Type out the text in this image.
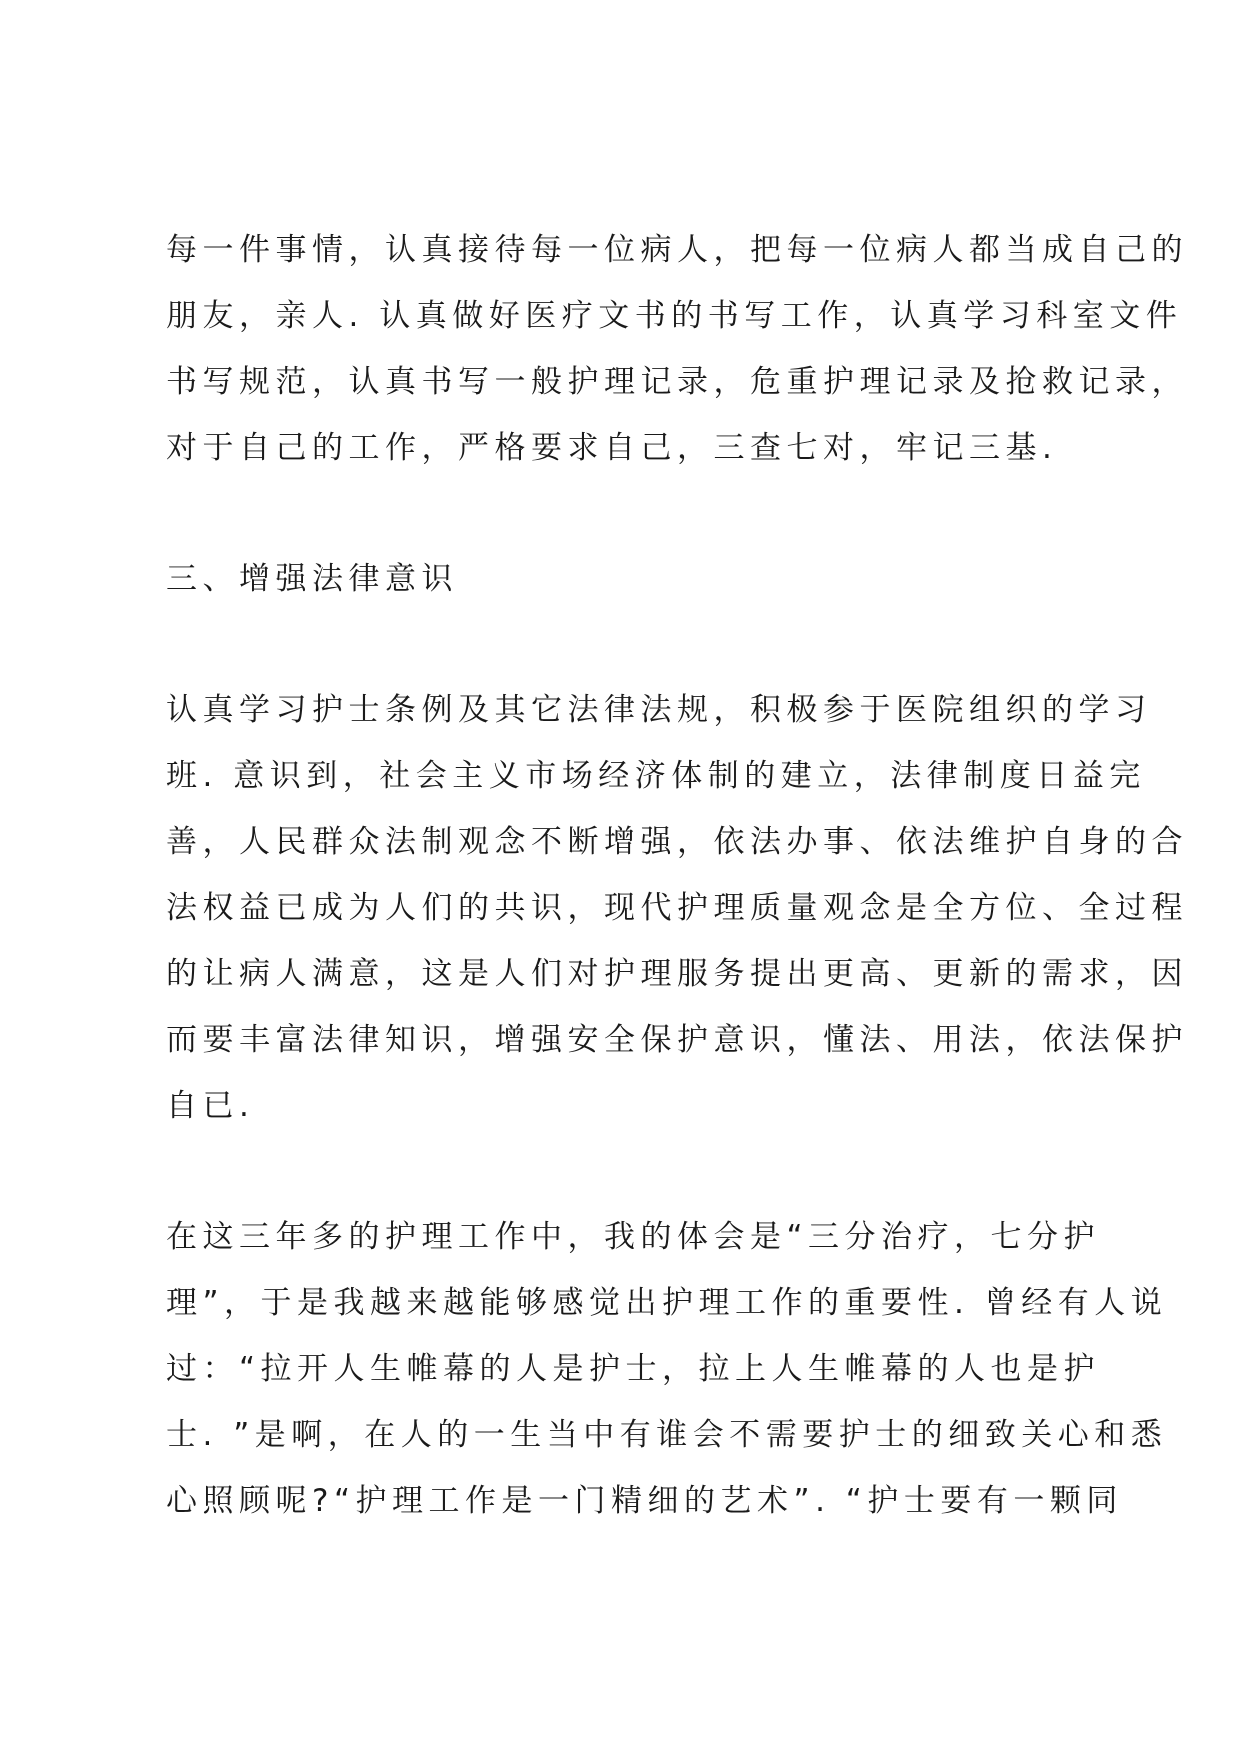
每一件事情，认真接待每一位病人，把每一位病人都当成自己的
朋友，亲人. 认真做好医疗文书的书写工作，认真学习科室文件
书写规范，认真书写一般护理记录，危重护理记录及抢救记录，
对于自己的工作，严格要求自己，三查七对，牢记三基.
三、增强法律意识
认真学习护士条例及其它法律法规，积极参于医院组织的学习
班. 意识到，社会主义市场经济体制的建立，法律制度日益完
善，人民群众法制观念不断增强，依法办事、依法维护自身的合
法权益已成为人们的共识，现代护理质量观念是全方位、全过程
的让病人满意，这是人们对护理服务提出更高、更新的需求，因
而要丰富法律知识，增强安全保护意识，懂法、用法，依法保护
自已.
在这三年多的护理工作中，我的体会是“三分治疗，七分护
理”，于是我越来越能够感觉出护理工作的重要性. 曾经有人说
过：“拉开人生帷幕的人是护士，拉上人生帷幕的人也是护
士. ”是啊，在人的一生当中有谁会不需要护士的细致关心和悉
心照顾呢?“护理工作是一门精细的艺术”. “护士要有一颗同
